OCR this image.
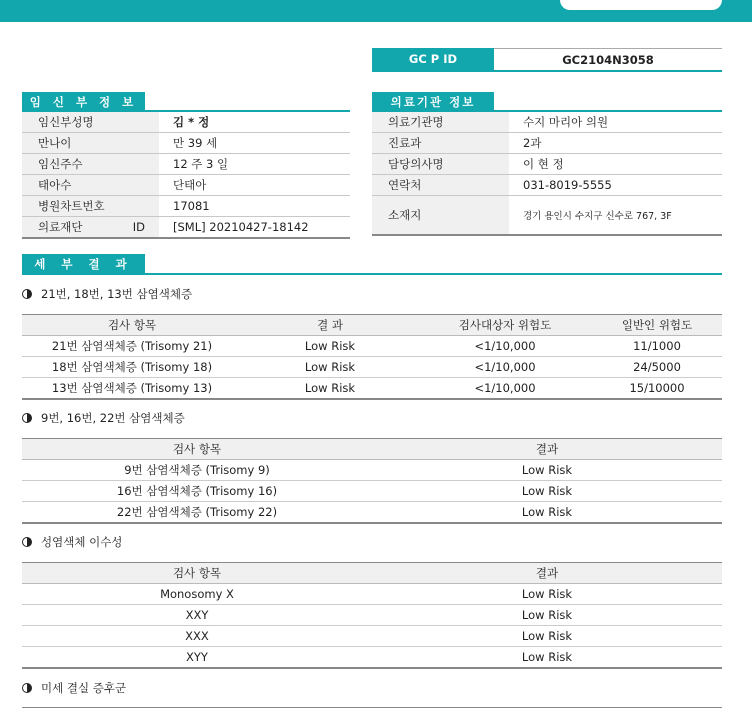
GC P ID	GC2104N3058
임 신 부 정 보
임신부성명	김 * 정
만나이	만 39 세
임신주수	12 주 3 일
태아수	단태아
병원차트번호	17081
의료재단 ID	[SML] 20210427-18142
의료기관 정보
의료기관명	수지 마리아 의원
진료과	2과
담당의사명	이 현 정
연락처	031-8019-5555
소재지	경기 용인시 수지구 신수로 767, 3F
세 부 결 과
21번, 18번, 13번 삼염색체증
검사 항목	결 과	검사대상자 위험도	일반인 위험도
21번 삼염색체증 (Trisomy 21)	Low Risk	<1/10,000	11/1000
18번 삼염색체증 (Trisomy 18)	Low Risk	<1/10,000	24/5000
13번 삼염색체증 (Trisomy 13)	Low Risk	<1/10,000	15/10000
9번, 16번, 22번 삼염색체증
검사 항목	결과
9번 삼염색체증 (Trisomy 9)	Low Risk
16번 삼염색체증 (Trisomy 16)	Low Risk
22번 삼염색체증 (Trisomy 22)	Low Risk
성염색체 이수성
검사 항목	결과
Monosomy X	Low Risk
XXY	Low Risk
XXX	Low Risk
XYY	Low Risk
미세 결실 증후군
